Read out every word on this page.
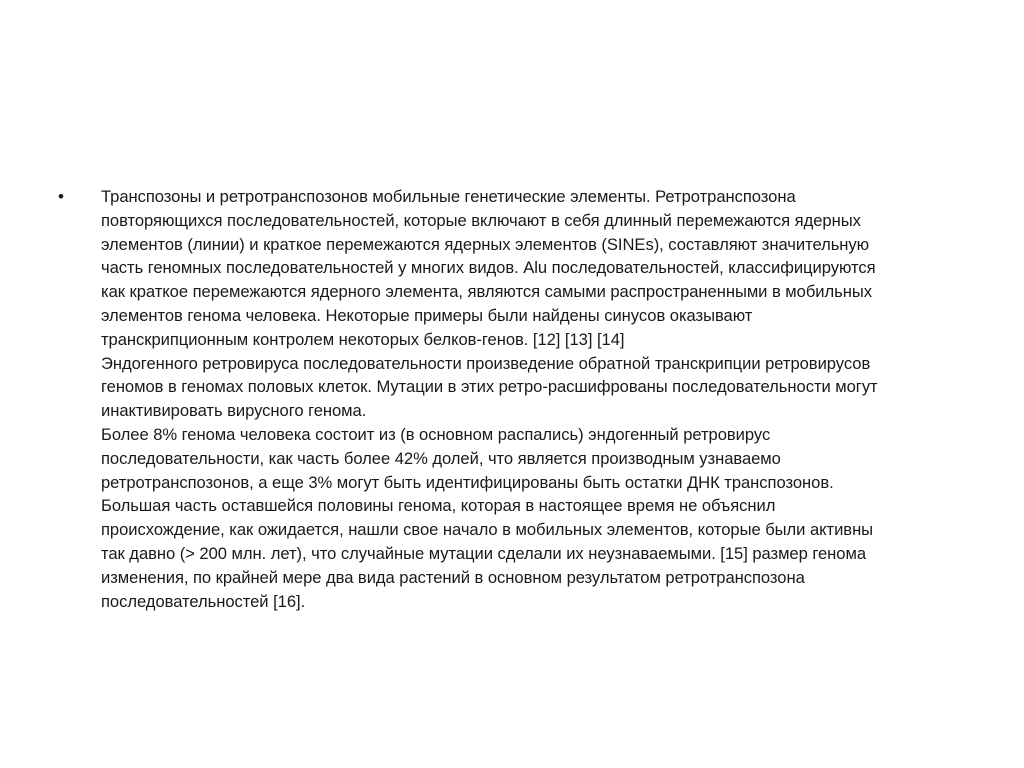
•	Транспозоны и ретротранспозонов мобильные генетические элементы. Ретротранспозона
повторяющихся последовательностей, которые включают в себя длинный перемежаются ядерных
элементов (линии) и краткое перемежаются ядерных элементов (SINEs), составляют значительную
часть геномных последовательностей у многих видов. Alu последовательностей, классифицируются
как краткое перемежаются ядерного элемента, являются самыми распространенными в мобильных
элементов генома человека. Некоторые примеры были найдены синусов оказывают
транскрипционным контролем некоторых белков-генов. [12] [13] [14]
Эндогенного ретровируса последовательности произведение обратной транскрипции ретровирусов
геномов в геномах половых клеток. Мутации в этих ретро-расшифрованы последовательности могут
инактивировать вирусного генома.
Более 8% генома человека состоит из (в основном распались) эндогенный ретровирус
последовательности, как часть более 42% долей, что является производным узнаваемо
ретротранспозонов, а еще 3% могут быть идентифицированы быть остатки ДНК транспозонов.
Большая часть оставшейся половины генома, которая в настоящее время не объяснил
происхождение, как ожидается, нашли свое начало в мобильных элементов, которые были активны
так давно (> 200 млн. лет), что случайные мутации сделали их неузнаваемыми. [15] размер генома
изменения, по крайней мере два вида растений в основном результатом ретротранспозона
последовательностей [16].
